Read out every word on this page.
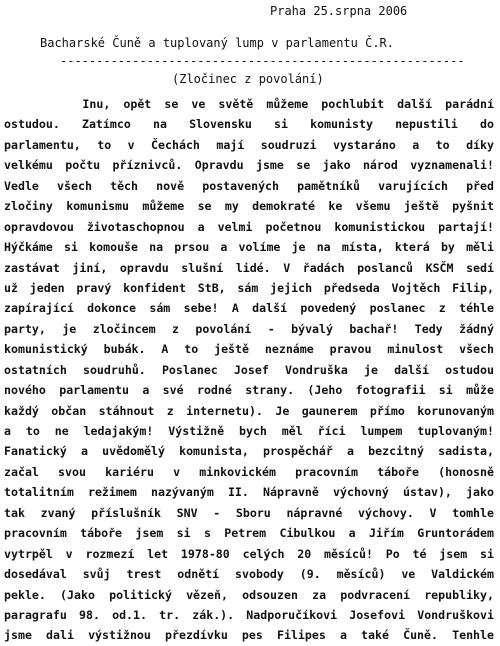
Praha 25.srpna 2006
Bacharské Čuně a tuplovaný lump v parlamentu Č.R.
--------------------------------------------------------
(Zločinec z povolání)
Inu, opět se ve světě můžeme pochlubit další parádní
ostudou. Zatímco na Slovensku si komunisty nepustili do
parlamentu, to v Čechách mají soudruzi vystaráno a to díky
velkému počtu příznivců. Opravdu jsme se jako národ vyznamenali!
Vedle všech těch nově postavených pamětníků varujících před
zločiny komunismu můžeme se my demokraté ke všemu ještě pyšnit
opravdovou životaschopnou a velmi početnou komunistickou partají!
Hýčkáme si komouše na prsou a volíme je na místa, která by měli
zastávat jiní, opravdu slušní lidé. V řadách poslanců KSČM sedí
už jeden pravý konfident StB, sám jejich předseda Vojtěch Filip,
zapírající dokonce sám sebe! A další povedený poslanec z téhle
party, je zločincem z povolání - bývalý bachař! Tedy žádný
komunistický bubák. A to ještě neznáme pravou minulost všech
ostatních soudruhů. Poslanec Josef Vondruška je další ostudou
nového parlamentu a své rodné strany. (Jeho fotografii si může
každý občan stáhnout z internetu). Je gaunerem přímo korunovaným
a to ne ledajakým! Výstižně bych měl říci lumpem tuplovaným!
Fanatický a uvědomělý komunista, prospěchář a bezcitný sadista,
začal svou kariéru v minkovickém pracovním táboře (honosně
totalitním režimem nazývaným II. Nápravně výchovný ústav), jako
tak zvaný příslušník SNV - Sboru nápravné výchovy. V tomhle
pracovním táboře jsem si s Petrem Cibulkou a Jiřím Gruntorádem
vytrpěl v rozmezí let 1978-80 celých 20 měsíců! Po té jsem si
dosedával svůj trest odnětí svobody (9. měsíců) ve Valdickém
pekle. (Jako politický vězeň, odsouzen za podvracení republiky,
paragrafu 98. od.1. tr. zák.). Nadporučíkovi Josefovi Vondruškovi
jsme dali výstižnou přezdívku pes Filipes a také Čuně. Tenhle
